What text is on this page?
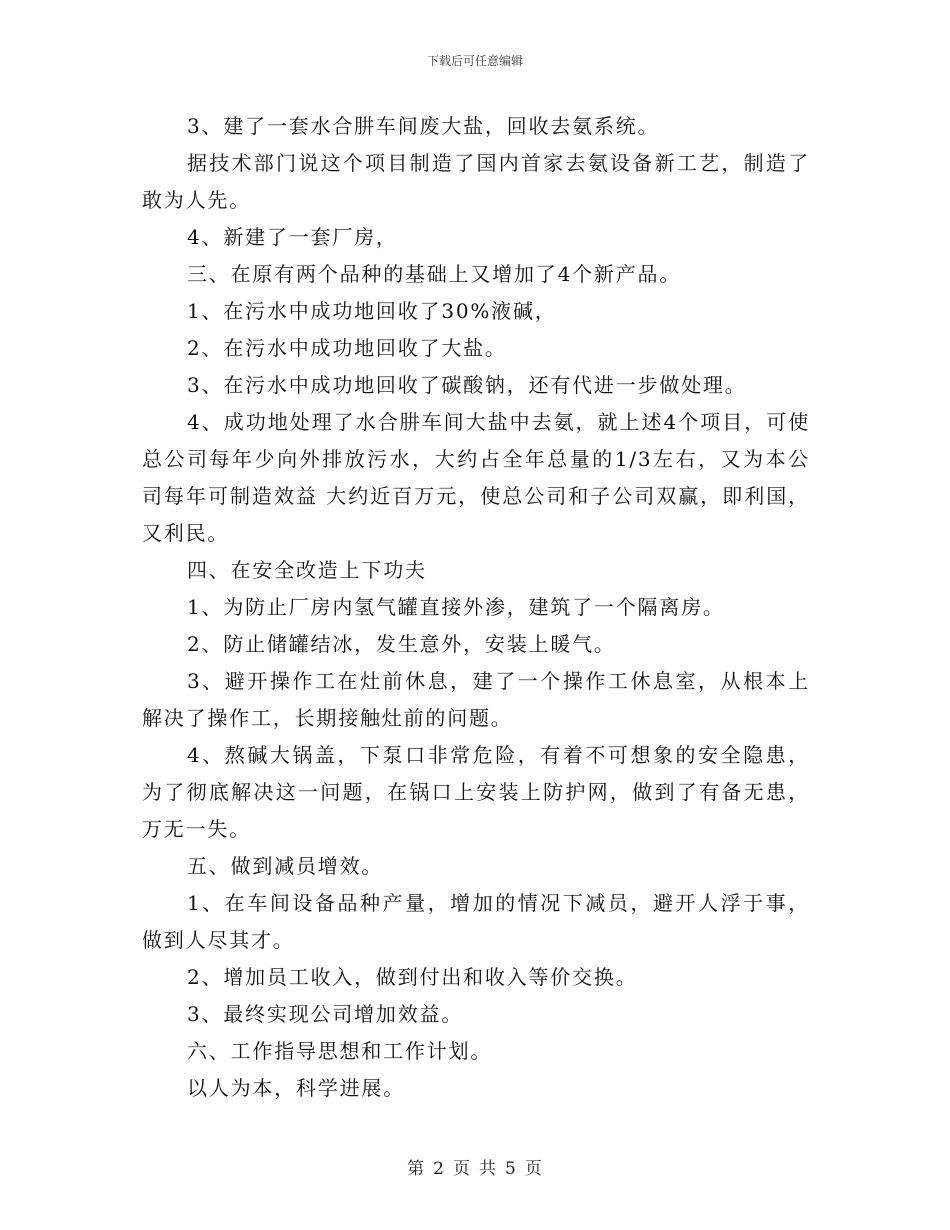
下载后可任意编辑

3、建了一套水合肼车间废大盐，回收去氨系统。

据技术部门说这个项目制造了国内首家去氨设备新工艺，制造了敢为人先。

4、新建了一套厂房，

三、在原有两个品种的基础上又增加了4个新产品。

1、在污水中成功地回收了30%液碱，

2、在污水中成功地回收了大盐。

3、在污水中成功地回收了碳酸钠，还有代进一步做处理。

4、成功地处理了水合肼车间大盐中去氨，就上述4个项目，可使总公司每年少向外排放污水，大约占全年总量的1/3左右，又为本公司每年可制造效益 大约近百万元，使总公司和子公司双赢，即利国，又利民。

四、在安全改造上下功夫

1、为防止厂房内氢气罐直接外渗，建筑了一个隔离房。

2、防止储罐结冰，发生意外，安装上暖气。

3、避开操作工在灶前休息，建了一个操作工休息室，从根本上解决了操作工，长期接触灶前的问题。

4、熬碱大锅盖，下泵口非常危险，有着不可想象的安全隐患，为了彻底解决这一问题，在锅口上安装上防护网，做到了有备无患，万无一失。

五、做到减员增效。

1、在车间设备品种产量，增加的情况下减员，避开人浮于事，做到人尽其才。

2、增加员工收入，做到付出和收入等价交换。

3、最终实现公司增加效益。

六、工作指导思想和工作计划。

以人为本，科学进展。

第 2 页 共 5 页
